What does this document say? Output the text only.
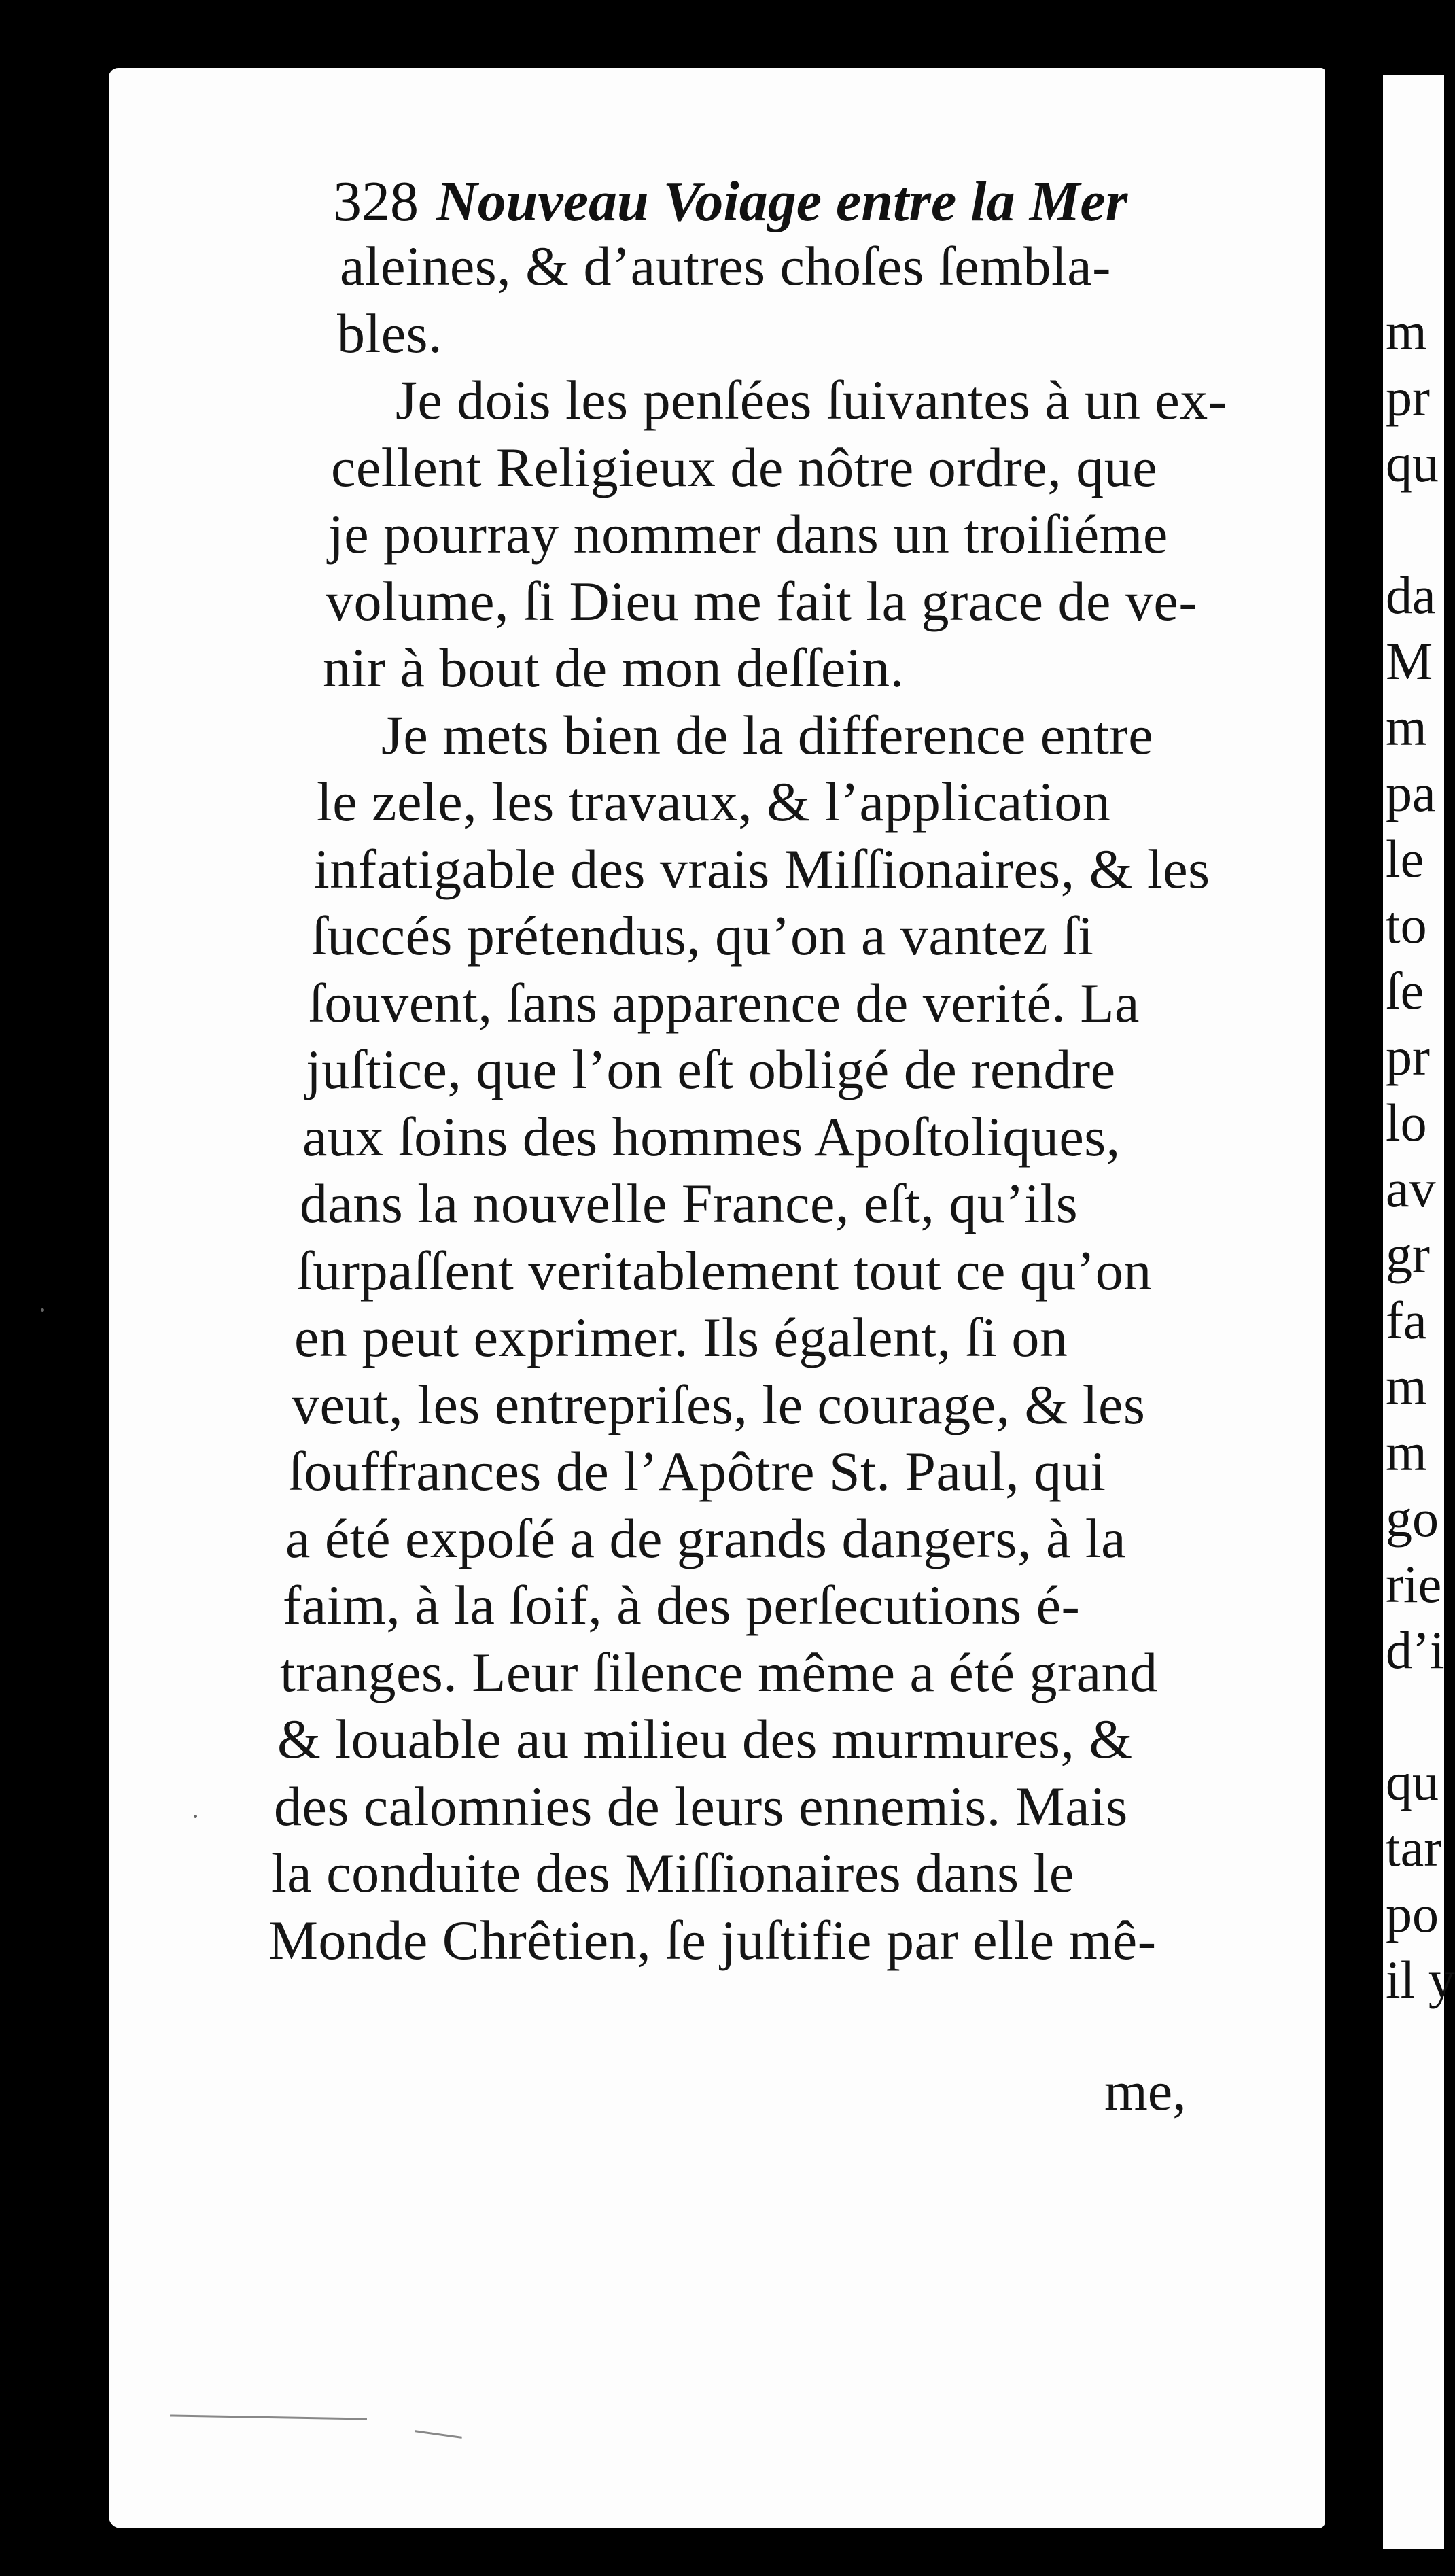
m
pr
qu
da
M
m
pa
le
to
ſe
pr
lo
av
gr
fa
m
m
go
rie
d’i
qu
tar
po
il y
328 Nouveau Voiage entre la Mer
aleines, & d’autres choſes ſembla-
bles.
Je dois les penſées ſuivantes à un ex-
cellent Religieux de nôtre ordre, que
je pourray nommer dans un troiſiéme
volume, ſi Dieu me fait la grace de ve-
nir à bout de mon deſſein.
Je mets bien de la difference entre
le zele, les travaux, & l’application
infatigable des vrais Miſſionaires, & les
ſuccés prétendus, qu’on a vantez ſi
ſouvent, ſans apparence de verité. La
juſtice, que l’on eſt obligé de rendre
aux ſoins des hommes Apoſtoliques,
dans la nouvelle France, eſt, qu’ils
ſurpaſſent veritablement tout ce qu’on
en peut exprimer. Ils égalent, ſi on
veut, les entrepriſes, le courage, & les
ſouffrances de l’Apôtre St. Paul, qui
a été expoſé a de grands dangers, à la
faim, à la ſoif, à des perſecutions é-
tranges. Leur ſilence même a été grand
& louable au milieu des murmures, &
des calomnies de leurs ennemis. Mais
la conduite des Miſſionaires dans le
Monde Chrêtien, ſe juſtifie par elle mê-
me,
